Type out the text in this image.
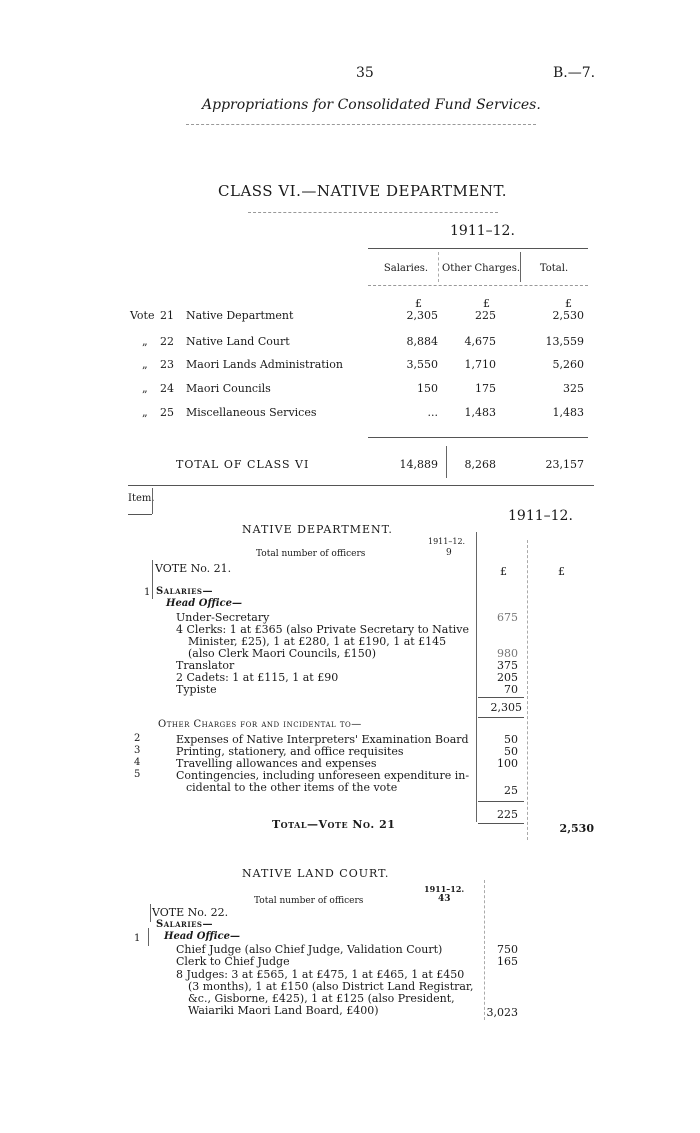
35	B.—7.
Appropriations for Consolidated Fund Services.
CLASS VI.—NATIVE DEPARTMENT.
1911–12.
Salaries.	Other Charges.	Total.
£	£	£
Vote 21 Native Department	2,305	225	2,530
„ 22 Native Land Court	8,884	4,675	13,559
„ 23 Maori Lands Administration	3,550	1,710	5,260
„ 24 Maori Councils	150	175	325
„ 25 Miscellaneous Services	...	1,483	1,483
TOTAL OF CLASS VI	14,889	8,268	23,157
Item.
1911–12.
NATIVE DEPARTMENT.
1911–12.
Total number of officers	9
VOTE No. 21.	£	£
1 Salaries—
Head Office—
Under-Secretary	675
4 Clerks: 1 at £365 (also Private Secretary to Native
Minister, £25), 1 at £280, 1 at £190, 1 at £145
(also Clerk Maori Councils, £150)	980
Translator	375
2 Cadets: 1 at £115, 1 at £90	205
Typiste	70
2,305
Other Charges for and incidental to—
2	Expenses of Native Interpreters' Examination Board	50
3	Printing, stationery, and office requisites	50
4	Travelling allowances and expenses	100
5	Contingencies, including unforeseen expenditure in-
cidental to the other items of the vote	25
225
Total—Vote No. 21	2,530
NATIVE LAND COURT.
1911–12.
Total number of officers	43
VOTE No. 22.
Salaries—
Head Office—
1
Chief Judge (also Chief Judge, Validation Court)	750
Clerk to Chief Judge	165
8 Judges: 3 at £565, 1 at £475, 1 at £465, 1 at £450
(3 months), 1 at £150 (also District Land Registrar,
&c., Gisborne, £425), 1 at £125 (also President,
Waiariki Maori Land Board, £400)	3,023
